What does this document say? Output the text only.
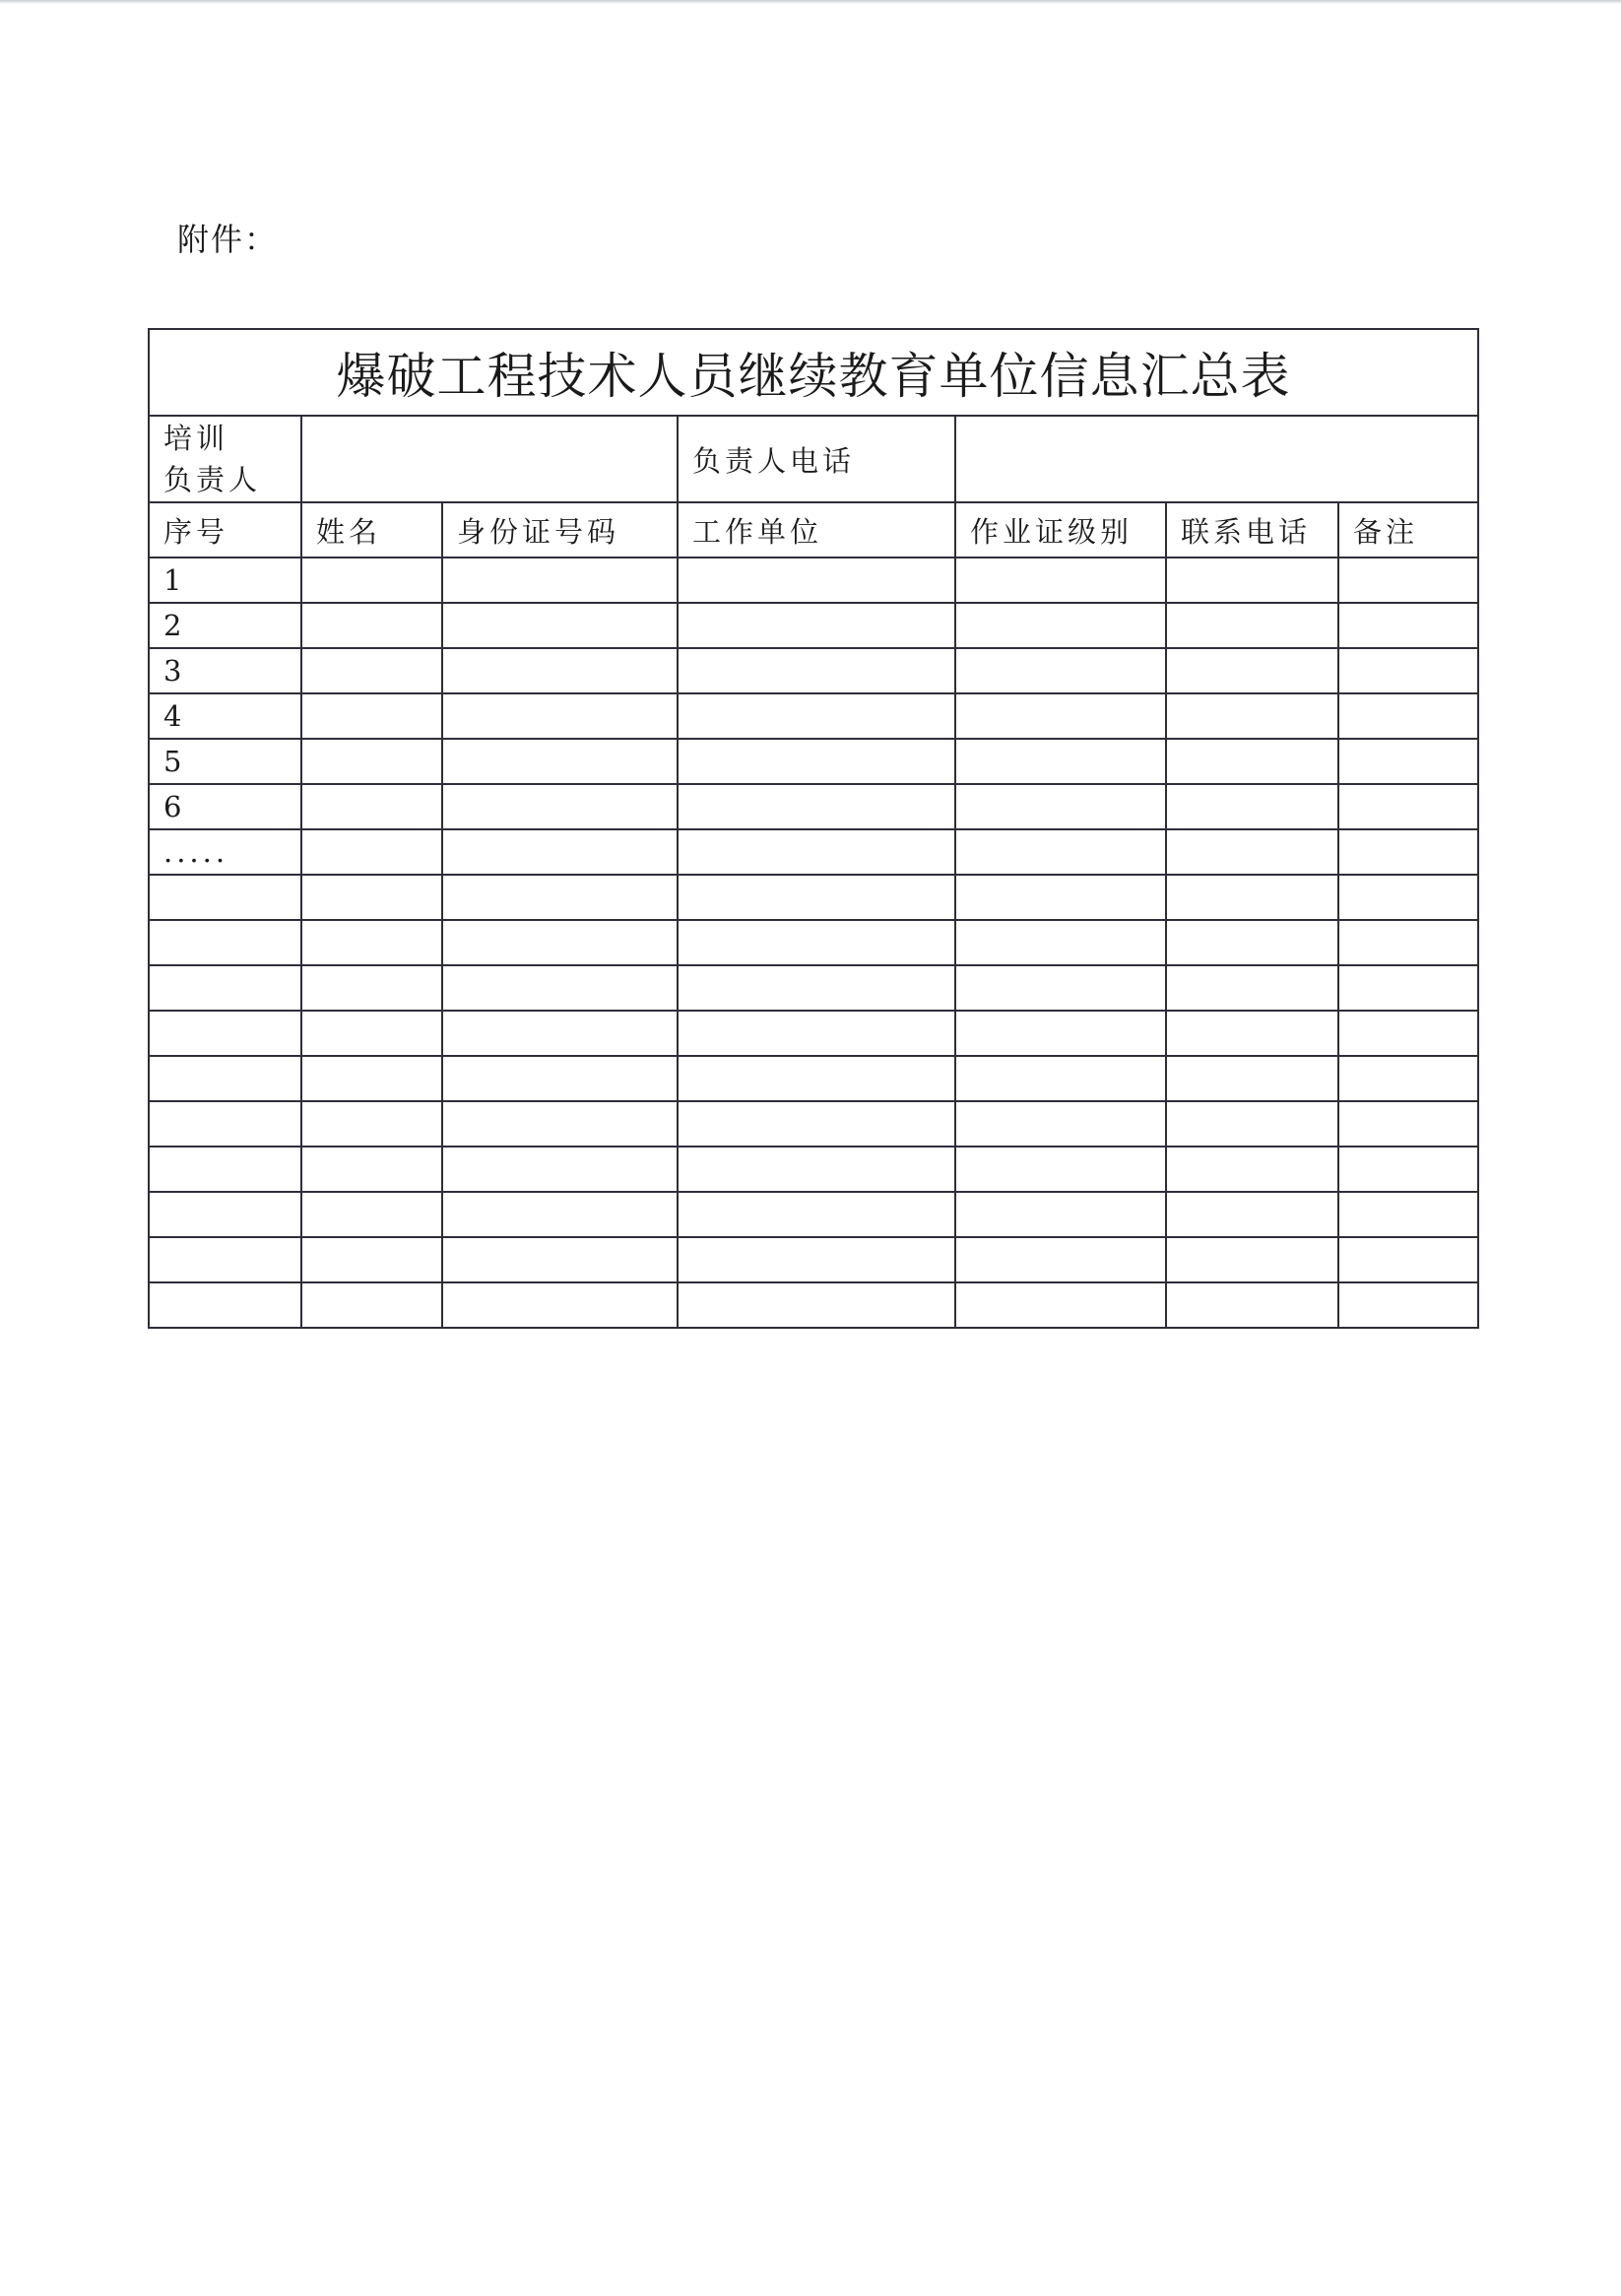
附件：
爆破工程技术人员继续教育单位信息汇总表						

培训
负责人			负责人电话			
序号	姓名	身份证号码	工作单位	作业证级别	联系电话	备注
1						
2						
3						
4						
5						
6						
.....						
